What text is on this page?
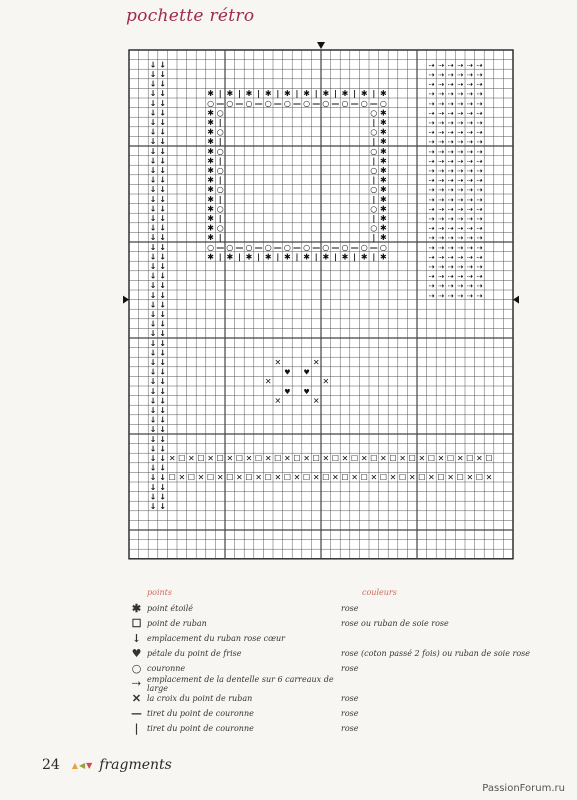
pochette rétro
↓ ↓
↓ ↓
↓ ↓
↓ ↓
↓ ↓
↓ ↓
↓ ↓
↓ ↓
↓ ↓
↓ ↓
↓ ↓
↓ ↓
↓ ↓
↓ ↓
↓ ↓
↓ ↓
↓ ↓
↓ ↓
↓ ↓
↓ ↓
↓ ↓
↓ ↓
↓ ↓
↓ ↓
↓ ↓
↓ ↓
↓ ↓
↓ ↓
↓ ↓
↓ ↓
↓ ↓
↓ ↓
↓ ↓
↓ ↓
↓ ↓
↓ ↓
↓ ↓
↓ ↓
↓ ↓
↓ ↓
↓ ↓
↓ ↓
↓ ↓
↓ ↓
↓ ↓
↓ ↓
↓ ↓
✱
✱
○
○
|
|
—
—
✱
✱
○
○
|
|
—
—
✱
✱
○
○
|
|
—
—
✱
✱
○
○
|
|
—
—
✱
✱
○
○
|
|
—
—
✱
✱
○
○
|
|
—
—
✱
✱
○
○
|
|
—
—
✱
✱
○
○
|
|
—
—
✱
✱
○
○
|
|
—
—
✱
✱
○
○
✱	✱
○	○
✱	✱
|	|
✱	✱
○	○
✱	✱
|	|
✱	✱
○	○
✱	✱
|	|
✱	✱
○	○
✱	✱
|	|
✱	✱
○	○
✱	✱
|	|
✱	✱
○	○
✱	✱
|	|
✱	✱
○	○
✱	✱
|	|
⇢ ⇢ ⇢ ⇢ ⇢ ⇢
⇢ ⇢ ⇢ ⇢ ⇢ ⇢
⇢ ⇢ ⇢ ⇢ ⇢ ⇢
⇢ ⇢ ⇢ ⇢ ⇢ ⇢
⇢ ⇢ ⇢ ⇢ ⇢ ⇢
⇢ ⇢ ⇢ ⇢ ⇢ ⇢
⇢ ⇢ ⇢ ⇢ ⇢ ⇢
⇢ ⇢ ⇢ ⇢ ⇢ ⇢
⇢ ⇢ ⇢ ⇢ ⇢ ⇢
⇢ ⇢ ⇢ ⇢ ⇢ ⇢
⇢ ⇢ ⇢ ⇢ ⇢ ⇢
⇢ ⇢ ⇢ ⇢ ⇢ ⇢
⇢ ⇢ ⇢ ⇢ ⇢ ⇢
⇢ ⇢ ⇢ ⇢ ⇢ ⇢
⇢ ⇢ ⇢ ⇢ ⇢ ⇢
⇢ ⇢ ⇢ ⇢ ⇢ ⇢
⇢ ⇢ ⇢ ⇢ ⇢ ⇢
⇢ ⇢ ⇢ ⇢ ⇢ ⇢
⇢ ⇢ ⇢ ⇢ ⇢ ⇢
⇢ ⇢ ⇢ ⇢ ⇢ ⇢
⇢ ⇢ ⇢ ⇢ ⇢ ⇢
⇢ ⇢ ⇢ ⇢ ⇢ ⇢
⇢ ⇢ ⇢ ⇢ ⇢ ⇢
⇢ ⇢ ⇢ ⇢ ⇢ ⇢
⇢ ⇢ ⇢ ⇢ ⇢ ⇢
✕	✕
✕	✕
✕	✕
♥ ♥
♥ ♥
✕
☐
☐
✕
✕
☐
☐
✕
✕
☐
☐
✕
✕
☐
☐
✕
✕
☐
☐
✕
✕
☐
☐
✕
✕
☐
☐
✕
✕
☐
☐
✕
✕
☐
☐
✕
✕
☐
☐
✕
✕
☐
☐
✕
✕
☐
☐
✕
✕
☐
☐
✕
✕
☐
☐
✕
✕
☐
☐
✕
✕
☐
☐
✕
✕
☐
☐
✕
points	couleurs
✱ point étoilé	rose
☐ point de ruban	rose ou ruban de soie rose
↓ emplacement du ruban rose cœur
♥ pétale du point de frise	rose (coton passé 2 fois) ou ruban de soie rose
○ couronne	rose
⇢ emplacement de la dentelle sur 6 carreaux de large
✕ la croix du point de ruban	rose
— tiret du point de couronne	rose
|	tiret du point de couronne	rose
24 ▲ ◀ ▼ fragments
PassionForum.ru
